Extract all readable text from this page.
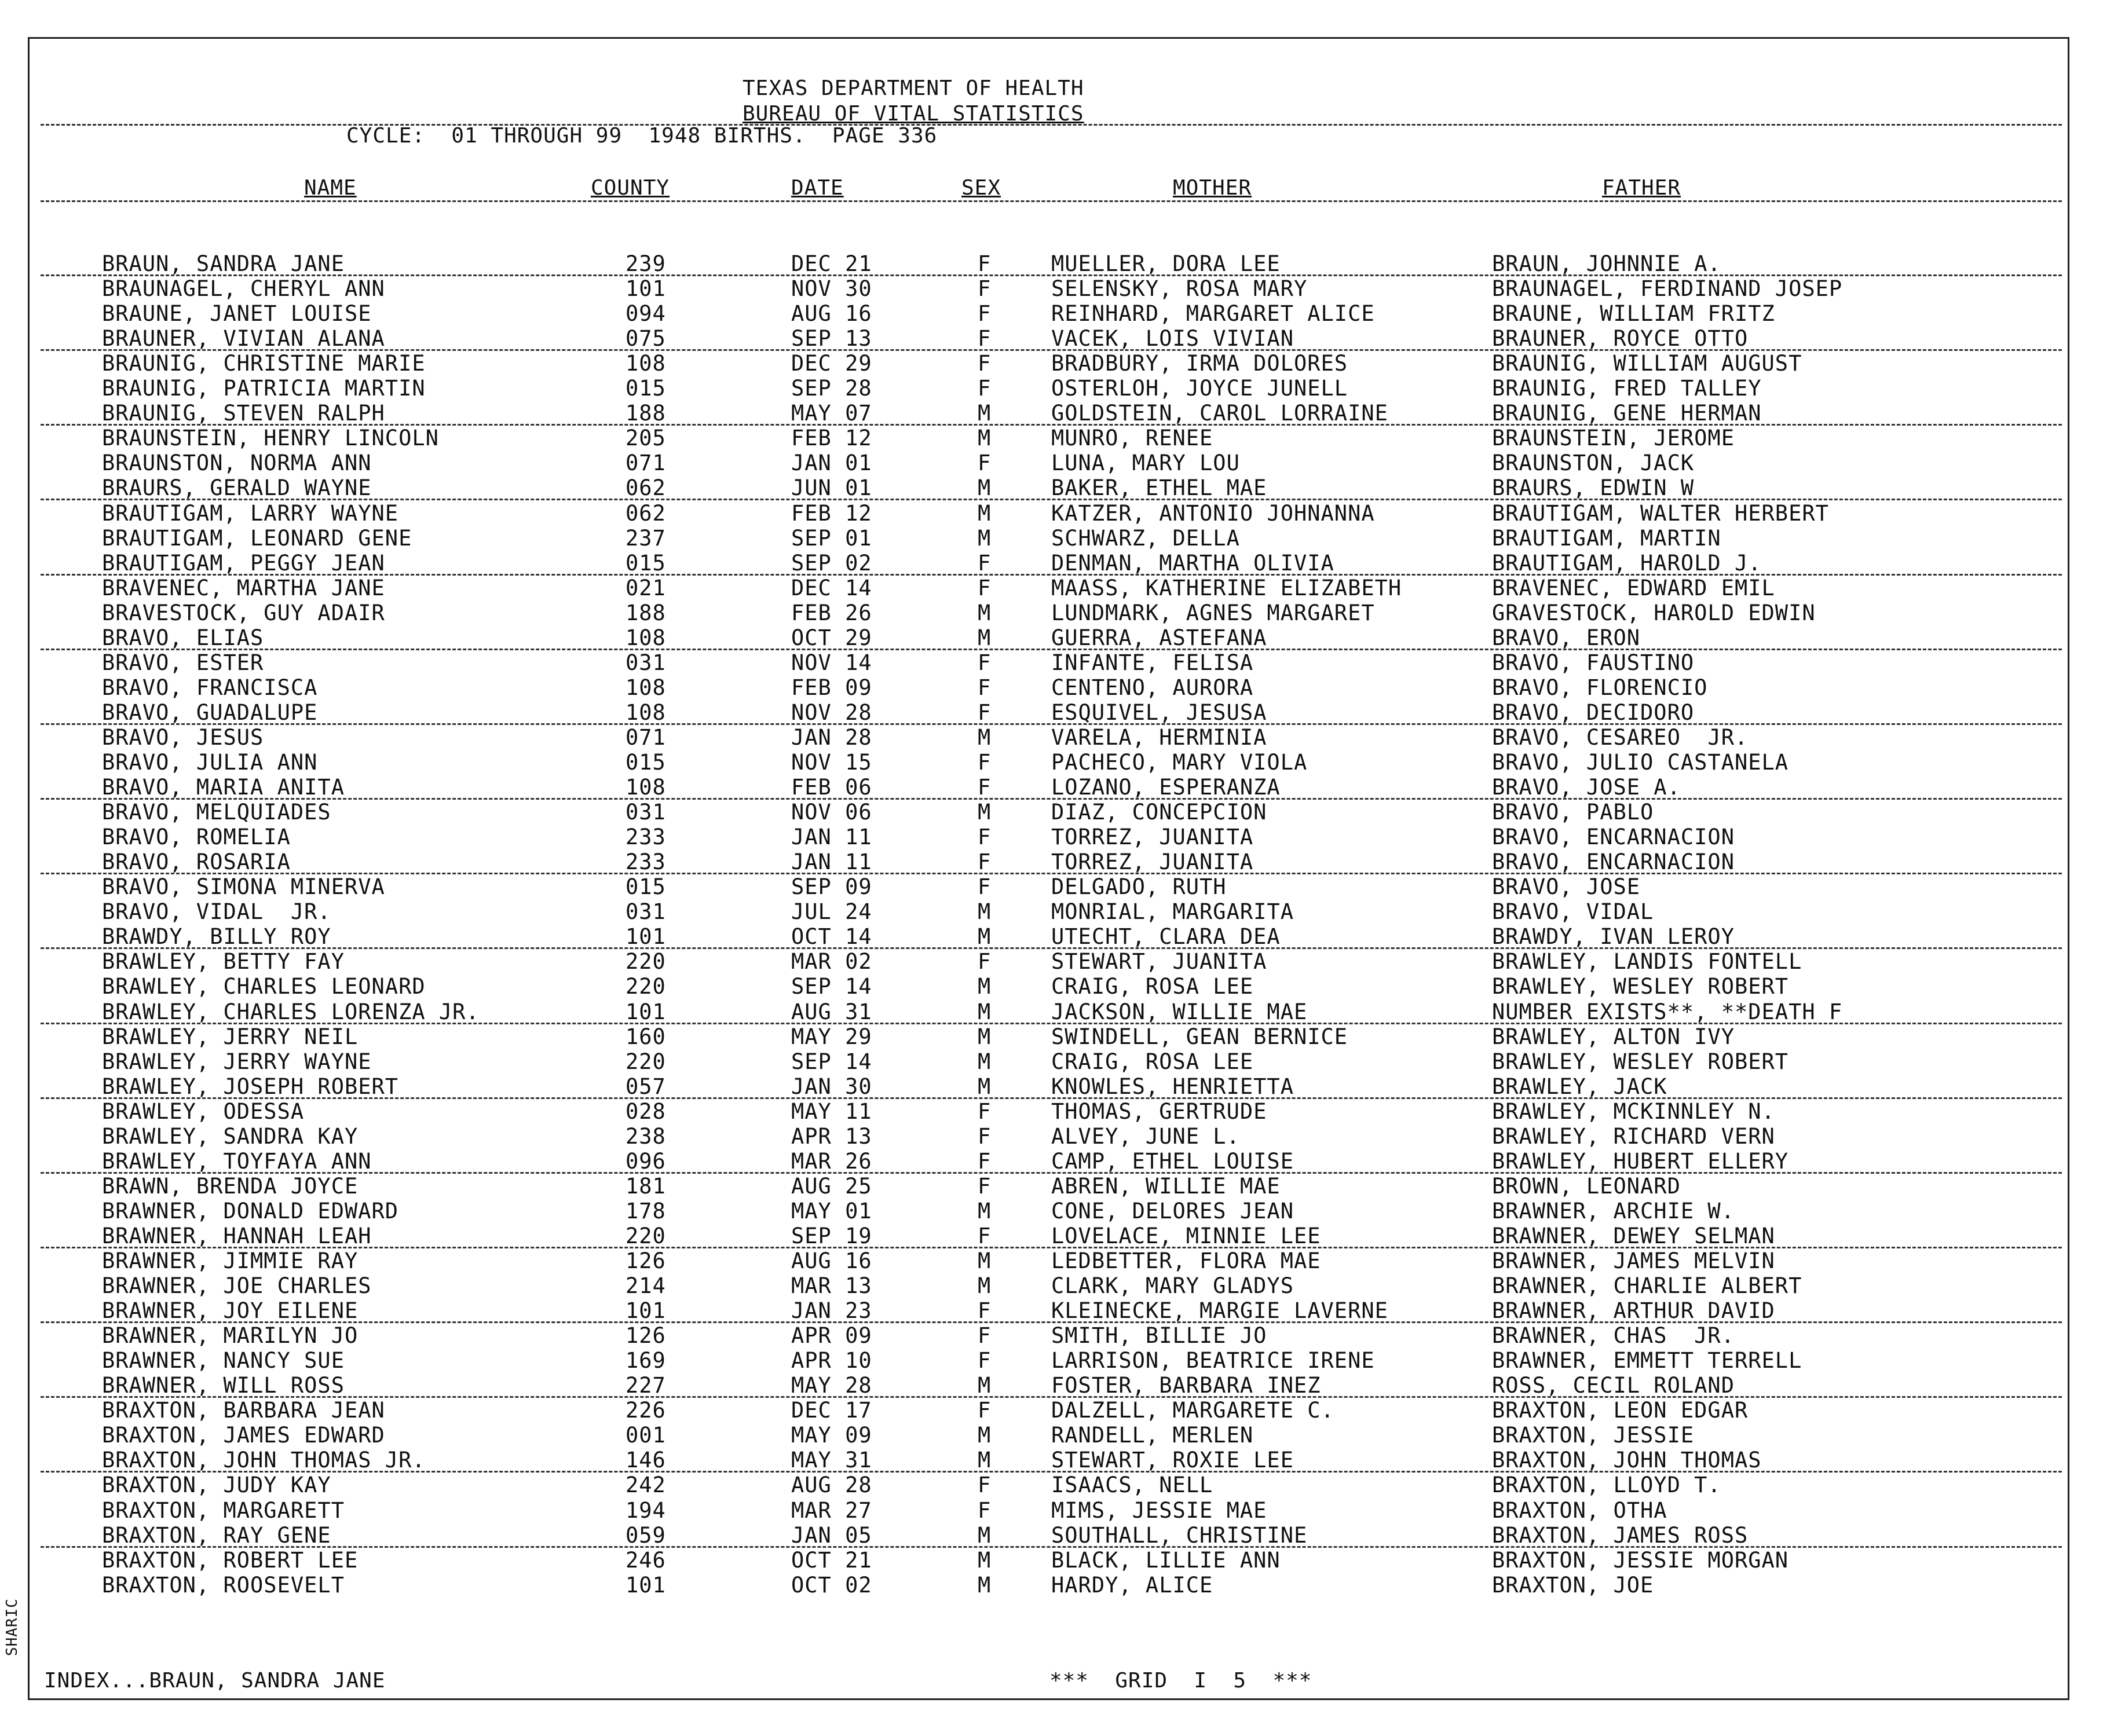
SHARIC
TEXAS DEPARTMENT OF HEALTH
BUREAU OF VITAL STATISTICS
CYCLE:  01 THROUGH 99  1948 BIRTHS.  PAGE 336
NAME	COUNTY	DATE	SEX	MOTHER	FATHER
BRAUN, SANDRA JANE	239	DEC 21	F	MUELLER, DORA LEE	BRAUN, JOHNNIE A.
BRAUNAGEL, CHERYL ANN	101	NOV 30	F	SELENSKY, ROSA MARY	BRAUNAGEL, FERDINAND JOSEP
BRAUNE, JANET LOUISE	094	AUG 16	F	REINHARD, MARGARET ALICE	BRAUNE, WILLIAM FRITZ
BRAUNER, VIVIAN ALANA	075	SEP 13	F	VACEK, LOIS VIVIAN	BRAUNER, ROYCE OTTO
BRAUNIG, CHRISTINE MARIE	108	DEC 29	F	BRADBURY, IRMA DOLORES	BRAUNIG, WILLIAM AUGUST
BRAUNIG, PATRICIA MARTIN	015	SEP 28	F	OSTERLOH, JOYCE JUNELL	BRAUNIG, FRED TALLEY
BRAUNIG, STEVEN RALPH	188	MAY 07	M	GOLDSTEIN, CAROL LORRAINE	BRAUNIG, GENE HERMAN
BRAUNSTEIN, HENRY LINCOLN	205	FEB 12	M	MUNRO, RENEE	BRAUNSTEIN, JEROME
BRAUNSTON, NORMA ANN	071	JAN 01	F	LUNA, MARY LOU	BRAUNSTON, JACK
BRAURS, GERALD WAYNE	062	JUN 01	M	BAKER, ETHEL MAE	BRAURS, EDWIN W
BRAUTIGAM, LARRY WAYNE	062	FEB 12	M	KATZER, ANTONIO JOHNANNA	BRAUTIGAM, WALTER HERBERT
BRAUTIGAM, LEONARD GENE	237	SEP 01	M	SCHWARZ, DELLA	BRAUTIGAM, MARTIN
BRAUTIGAM, PEGGY JEAN	015	SEP 02	F	DENMAN, MARTHA OLIVIA	BRAUTIGAM, HAROLD J.
BRAVENEC, MARTHA JANE	021	DEC 14	F	MAASS, KATHERINE ELIZABETH	BRAVENEC, EDWARD EMIL
BRAVESTOCK, GUY ADAIR	188	FEB 26	M	LUNDMARK, AGNES MARGARET	GRAVESTOCK, HAROLD EDWIN
BRAVO, ELIAS	108	OCT 29	M	GUERRA, ASTEFANA	BRAVO, ERON
BRAVO, ESTER	031	NOV 14	F	INFANTE, FELISA	BRAVO, FAUSTINO
BRAVO, FRANCISCA	108	FEB 09	F	CENTENO, AURORA	BRAVO, FLORENCIO
BRAVO, GUADALUPE	108	NOV 28	F	ESQUIVEL, JESUSA	BRAVO, DECIDORO
BRAVO, JESUS	071	JAN 28	M	VARELA, HERMINIA	BRAVO, CESAREO  JR.
BRAVO, JULIA ANN	015	NOV 15	F	PACHECO, MARY VIOLA	BRAVO, JULIO CASTANELA
BRAVO, MARIA ANITA	108	FEB 06	F	LOZANO, ESPERANZA	BRAVO, JOSE A.
BRAVO, MELQUIADES	031	NOV 06	M	DIAZ, CONCEPCION	BRAVO, PABLO
BRAVO, ROMELIA	233	JAN 11	F	TORREZ, JUANITA	BRAVO, ENCARNACION
BRAVO, ROSARIA	233	JAN 11	F	TORREZ, JUANITA	BRAVO, ENCARNACION
BRAVO, SIMONA MINERVA	015	SEP 09	F	DELGADO, RUTH	BRAVO, JOSE
BRAVO, VIDAL  JR.	031	JUL 24	M	MONRIAL, MARGARITA	BRAVO, VIDAL
BRAWDY, BILLY ROY	101	OCT 14	M	UTECHT, CLARA DEA	BRAWDY, IVAN LEROY
BRAWLEY, BETTY FAY	220	MAR 02	F	STEWART, JUANITA	BRAWLEY, LANDIS FONTELL
BRAWLEY, CHARLES LEONARD	220	SEP 14	M	CRAIG, ROSA LEE	BRAWLEY, WESLEY ROBERT
BRAWLEY, CHARLES LORENZA JR.	101	AUG 31	M	JACKSON, WILLIE MAE	NUMBER EXISTS**, **DEATH F
BRAWLEY, JERRY NEIL	160	MAY 29	M	SWINDELL, GEAN BERNICE	BRAWLEY, ALTON IVY
BRAWLEY, JERRY WAYNE	220	SEP 14	M	CRAIG, ROSA LEE	BRAWLEY, WESLEY ROBERT
BRAWLEY, JOSEPH ROBERT	057	JAN 30	M	KNOWLES, HENRIETTA	BRAWLEY, JACK
BRAWLEY, ODESSA	028	MAY 11	F	THOMAS, GERTRUDE	BRAWLEY, MCKINNLEY N.
BRAWLEY, SANDRA KAY	238	APR 13	F	ALVEY, JUNE L.	BRAWLEY, RICHARD VERN
BRAWLEY, TOYFAYA ANN	096	MAR 26	F	CAMP, ETHEL LOUISE	BRAWLEY, HUBERT ELLERY
BRAWN, BRENDA JOYCE	181	AUG 25	F	ABREN, WILLIE MAE	BROWN, LEONARD
BRAWNER, DONALD EDWARD	178	MAY 01	M	CONE, DELORES JEAN	BRAWNER, ARCHIE W.
BRAWNER, HANNAH LEAH	220	SEP 19	F	LOVELACE, MINNIE LEE	BRAWNER, DEWEY SELMAN
BRAWNER, JIMMIE RAY	126	AUG 16	M	LEDBETTER, FLORA MAE	BRAWNER, JAMES MELVIN
BRAWNER, JOE CHARLES	214	MAR 13	M	CLARK, MARY GLADYS	BRAWNER, CHARLIE ALBERT
BRAWNER, JOY EILENE	101	JAN 23	F	KLEINECKE, MARGIE LAVERNE	BRAWNER, ARTHUR DAVID
BRAWNER, MARILYN JO	126	APR 09	F	SMITH, BILLIE JO	BRAWNER, CHAS  JR.
BRAWNER, NANCY SUE	169	APR 10	F	LARRISON, BEATRICE IRENE	BRAWNER, EMMETT TERRELL
BRAWNER, WILL ROSS	227	MAY 28	M	FOSTER, BARBARA INEZ	ROSS, CECIL ROLAND
BRAXTON, BARBARA JEAN	226	DEC 17	F	DALZELL, MARGARETE C.	BRAXTON, LEON EDGAR
BRAXTON, JAMES EDWARD	001	MAY 09	M	RANDELL, MERLEN	BRAXTON, JESSIE
BRAXTON, JOHN THOMAS JR.	146	MAY 31	M	STEWART, ROXIE LEE	BRAXTON, JOHN THOMAS
BRAXTON, JUDY KAY	242	AUG 28	F	ISAACS, NELL	BRAXTON, LLOYD T.
BRAXTON, MARGARETT	194	MAR 27	F	MIMS, JESSIE MAE	BRAXTON, OTHA
BRAXTON, RAY GENE	059	JAN 05	M	SOUTHALL, CHRISTINE	BRAXTON, JAMES ROSS
BRAXTON, ROBERT LEE	246	OCT 21	M	BLACK, LILLIE ANN	BRAXTON, JESSIE MORGAN
BRAXTON, ROOSEVELT	101	OCT 02	M	HARDY, ALICE	BRAXTON, JOE
INDEX...BRAUN, SANDRA JANE	***  GRID  I  5  ***
